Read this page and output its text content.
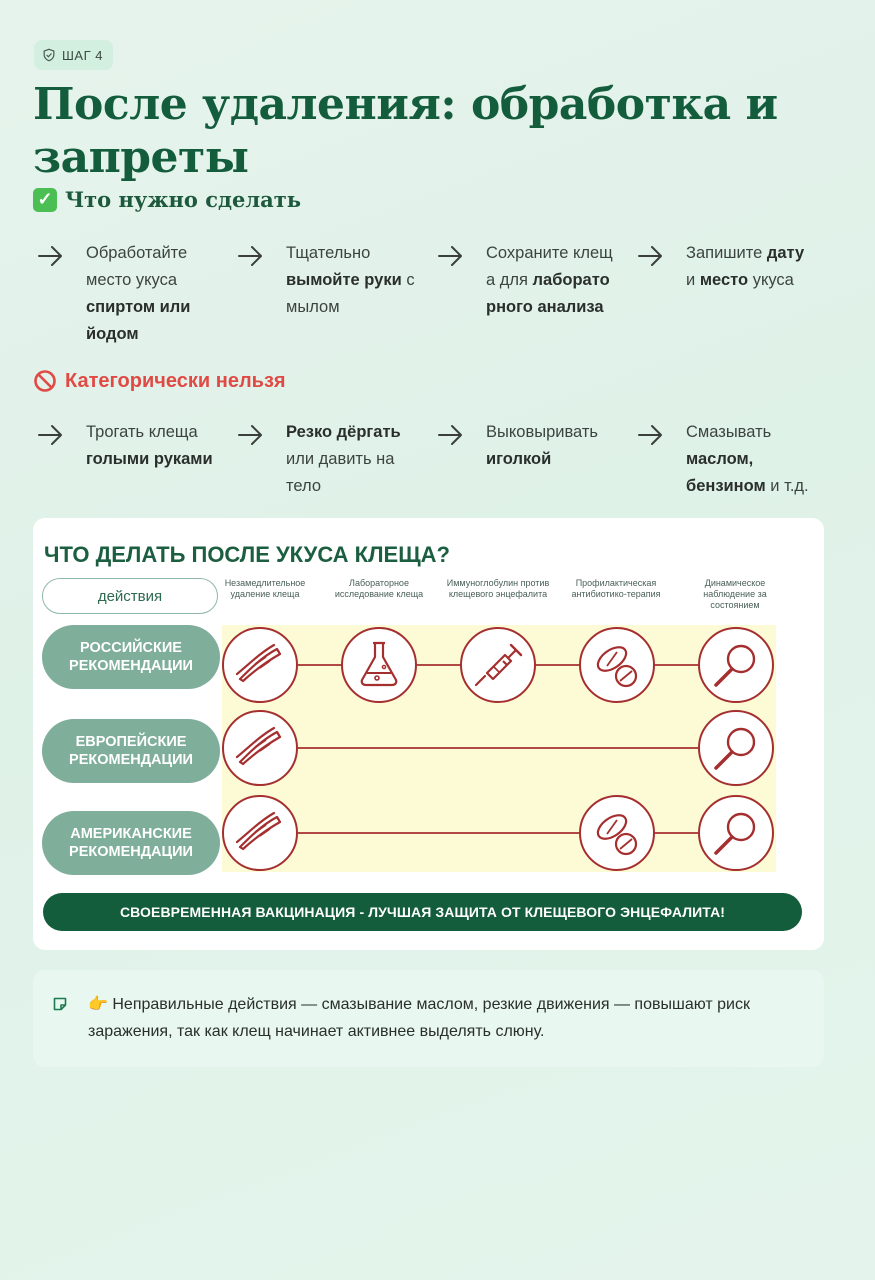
ШАГ 4
После удаления: обработка и запреты
✓ Что нужно сделать
Обработайте место укуса спиртом или йодом
Тщательно вымойте руки с мылом
Сохраните клеща для лабораторного анализа
Запишите дату и место укуса
Категорически нельзя
Трогать клеща голыми руками
Резко дёргать или давить на тело
Выковыривать иголкой
Смазывать маслом, бензином и т.д.
ЧТО ДЕЛАТЬ ПОСЛЕ УКУСА КЛЕЩА?
действия
Незамедлительное удаление клеща
Лабораторное исследование клеща
Иммуноглобулин против клещевого энцефалита
Профилактическая антибиотико-терапия
Динамическое наблюдение за состоянием
РОССИЙСКИЕ РЕКОМЕНДАЦИИ
ЕВРОПЕЙСКИЕ РЕКОМЕНДАЦИИ
АМЕРИКАНСКИЕ РЕКОМЕНДАЦИИ
СВОЕВРЕМЕННАЯ ВАКЦИНАЦИЯ - ЛУЧШАЯ ЗАЩИТА ОТ КЛЕЩЕВОГО ЭНЦЕФАЛИТА!

👉 Неправильные действия — смазывание маслом, резкие движения — повышают риск заражения, так как клещ начинает активнее выделять слюну.
